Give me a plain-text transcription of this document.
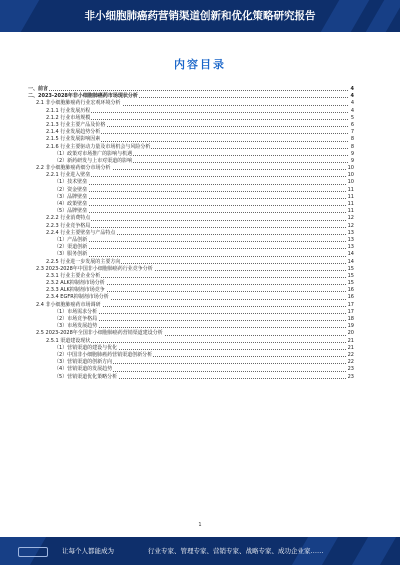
非小细胞肺癌药营销渠道创新和优化策略研究报告
内容目录
一、前言	4
二、2023-2028年非小细胞肺癌药市场现状分析	4
2.1 非小细胞肺癌药行业宏观环境分析	4
2.1.1 行业发展历程	4
2.1.2 行业市场规模	5
2.1.3 行业主要产品及价格	6
2.1.4 行业发展趋势分析	7
2.1.5 行业发展影响因素	8
2.1.6 行业主要驱动力量及市场机会与风险分析	8
（1）政策对市场推广的影响与机遇	9
（2）新药研发与上市对渠道的影响	9
2.2 非小细胞肺癌药细分市场分析	10
2.2.1 行业进入壁垒	10
（1）技术壁垒	10
（2）资金壁垒	11
（3）品牌壁垒	11
（4）政策壁垒	11
（5）品牌壁垒	11
2.2.2 行业消费特点	12
2.2.3 行业竞争格局	12
2.2.4 行业主要壁垒与产品特点	13
（1）产品创新	13
（2）渠道创新	13
（3）服务创新	14
2.2.5 行业进一步发展的主要方向	14
2.3 2023-2028年中国非小细胞肺癌药行业竞争分析	15
2.3.1 行业主要企业分析	15
2.3.2 ALK抑制剂市场分析	15
2.3.3 ALK抑制剂市场竞争	16
2.3.4 EGFR抑制剂市场分析	16
2.4 非小细胞肺癌药市场调研	17
（1）市场需求分析	17
（2）市场竞争格局	18
（3）市场发展趋势	19
2.5 2023-2028年全国非小细胞肺癌药营销渠道建设分析	20
2.5.1 渠道建设现状	21
（1）营销渠道的建设与优化	21
（2）中国非小细胞肺癌药营销渠道创新分析	22
（3）营销渠道的创新方向	22
（4）营销渠道的发展趋势	23
（5）营销渠道优化策略分析	23
1
让每个人都能成为	行业专家、管理专家、营销专家、战略专家、成功企业家……
